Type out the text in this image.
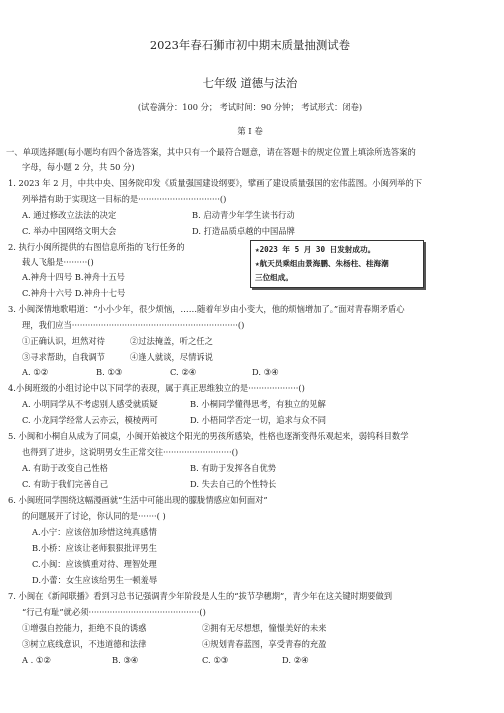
2023年春石狮市初中期末质量抽测试卷
七年级 道德与法治
(试卷满分：100 分； 考试时间：90 分钟； 考试形式：闭卷)
第 I 卷
一、单项选择题(每小题均有四个备选答案，其中只有一个最符合题意，请在答题卡的规定位置上填涂所选答案的
字母，每小题 2 分，共 50 分)
1. 2023 年 2 月，中共中央、国务院印发《质量强国建设纲要》，擘画了建设质量强国的宏伟蓝图。小闽列举的下
列举措有助于实现这一目标的是·······························()
A. 通过修改立法法的决定	B. 启动青少年学生读书行动
C. 举办中国网络文明大会	D. 打造品质卓越的中国品牌
2. 执行小闽所提供的右图信息所指的飞行任务的
载人飞船是·········()
A.神舟十四号 B.神舟十五号
C.神舟十六号 D.神舟十七号
★2023 年 5 月 30 日发射成功。
★航天员乘组由景海鹏、朱杨柱、桂海潮
三位组成。
3. 小闽深情地歌唱道：“小小少年，很少烦恼，……随着年岁由小变大，他的烦恼增加了。”面对青春期矛盾心
理，我们应当·······························································()
①正确认识，坦然对待	②过法掩盖，听之任之
③寻求帮助，自我调节	④逢人就谈，尽情诉说
A. ①②	B. ①③	C. ②④	D. ③④
4.小闽班级的小组讨论中以下同学的表现，属于真正思维独立的是···················()
A. 小明同学从不考虑别人感受就质疑	B. 小桐同学懂得思考，有独立的见解
C. 小龙同学经常人云亦云，模棱两可	D. 小梧同学否定一切，追求与众不同
5. 小闽和小桐自从成为了同桌，小闽开始被这个阳光的男孩所感染，性格也逐渐变得乐观起来，弱钨科目数学
也得到了进步，这说明男女生正常交往··························()
A. 有助于改变自己性格	B. 有助于发挥各自优势
C. 有助于我们完善自己	D. 失去自己的个性特长
6. 小闽班同学围绕这幅漫画就“生活中可能出现的朦胧情感应如何面对”
的问题展开了讨论，你认同的是·······( )
A.小宁：应该倍加珍惜这纯真感情
B.小桥：应该让老师狠狠批评男生
C.小闽：应该慎重对待、理智处理
D.小蕾：女生应该给男生一顿羞辱
7. 小闽在《新闻联播》看到习总书记强调青少年阶段是人生的“拔节孕穗期”，青少年在这关键时期要做到
“行己有耻”就必须··········································()
①增强自控能力，拒绝不良的诱惑	②拥有无尽想想，憧憬美好的未来
③树立底线意识，不违道德和法律	④规划青春蓝图，享受青春的充盈
A . ①②	B. ③④	C. ①③	D. ②④
